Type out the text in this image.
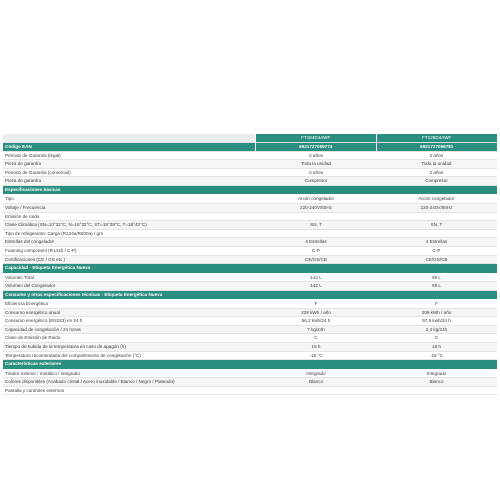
FT184D4AWF	FT125D4AWF
Código EAN	6921727059774	6921727058781
Período de Garantía (legal)	2 años	2 años
Pieza de garantía	Toda la unidad	Toda la unidad
Período de Garantía (comercial)	2 años	2 años
Pieza de garantía	Compresor	Compresor
Especificaciones básicas
Tipo	Arcón congelador	Arcón congelador
Voltaje / Frecuencia	220-240V/50Hz	220-240V/50Hz
Emisión de ruido
Clase Climática (SN=10°32°C, N=16°32°C, ST=18°38°C, T=18°43°C)	SN, T	SN, T
Tipo de refrigerante: Carga (R134a/R600a) / grs
Estrellas del congelador	4 Estrellas	4 Estrellas
Foaming component (R141b / C-P)	C-P	C-P
Certificaciones (CE / GS etc.)	CE/GS/CB	CE/GS/CB
Capacidad - Etiqueta Energética Nueva
Volumen Total	142 L	95 L
Volumen del Congelador	142 L	95 L
Consumo y otras especificaciones técnicas - Etiqueta Energética Nueva
Eficiencia Energética	F	F
Consumo energético anual	228 kWh / año	209 kWh / año
Consumo energético (EN153) en 24 h	56,2 kwh/24 h	57,6 kwh/24 h
Capacidad de congelación / 24 horas	7 kg/24h	2,4 kg/24h
Clase de Emisión de Ruido	C	C
Tiempo de subida de la temperatura en caso de apagón (h)	16 h	16 h
Temperatura recomendada del compartimento de congelación (°C)	-18 °C	-18 °C
Características exteriores
Tirador exterior / metálico / integrado	Integrado	Integrado
Colores disponibles (Acabado cristal / Acero inoxidable / Blanco / Negro / Plateado)	Blanco	Blanco
Pantalla y controles externos
